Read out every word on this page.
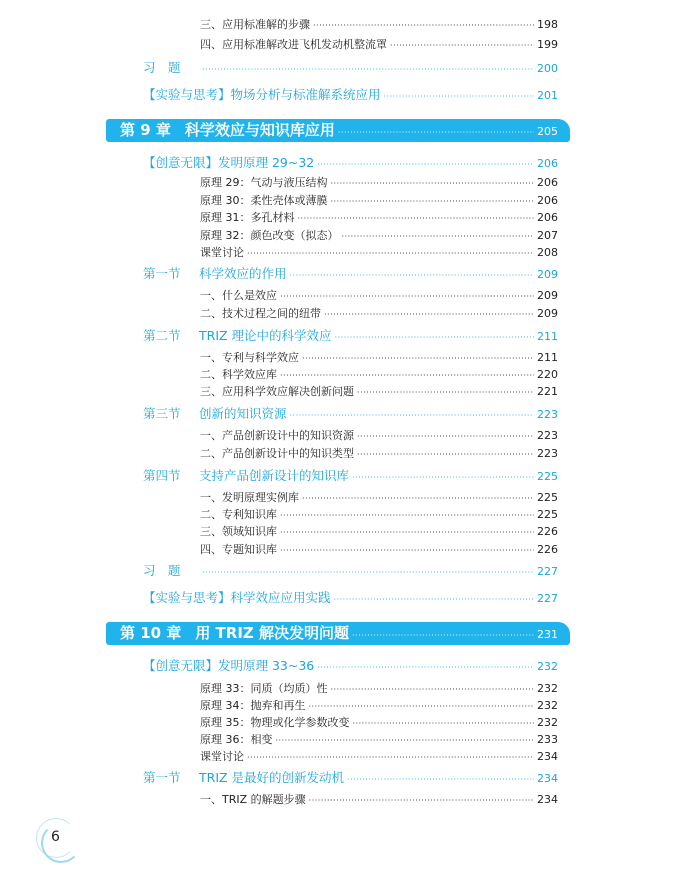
三、应用标准解的步骤 ·····	198
四、应用标准解改进飞机发动机整流罩 ·····	199
习　题 ·····	200
【实验与思考】物场分析与标准解系统应用 ·····	201
第 9 章 科学效应与知识库应用 ·····	205
【创意无限】发明原理 29~32 ·····	206
原理 29：气动与液压结构 ·····	206
原理 30：柔性壳体或薄膜 ·····	206
原理 31：多孔材料 ·····	206
原理 32：颜色改变（拟态） ·····	207
课堂讨论 ·····	208
第一节 科学效应的作用 ·····	209
一、什么是效应 ·····	209
二、技术过程之间的纽带 ·····	209
第二节 TRIZ 理论中的科学效应 ·····	211
一、专利与科学效应 ·····	211
二、科学效应库 ·····	220
三、应用科学效应解决创新问题 ·····	221
第三节 创新的知识资源 ·····	223
一、产品创新设计中的知识资源 ·····	223
二、产品创新设计中的知识类型 ·····	223
第四节 支持产品创新设计的知识库 ·····	225
一、发明原理实例库 ·····	225
二、专利知识库 ·····	225
三、领域知识库 ·····	226
四、专题知识库 ·····	226
习　题 ·····	227
【实验与思考】科学效应应用实践 ·····	227
第 10 章 用 TRIZ 解决发明问题 ·····	231
【创意无限】发明原理 33~36 ·····	232
原理 33：同质（均质）性 ·····	232
原理 34：抛弃和再生 ·····	232
原理 35：物理或化学参数改变 ·····	232
原理 36：相变 ·····	233
课堂讨论 ·····	234
第一节 TRIZ 是最好的创新发动机 ·····	234
一、TRIZ 的解题步骤 ·····	234
6
